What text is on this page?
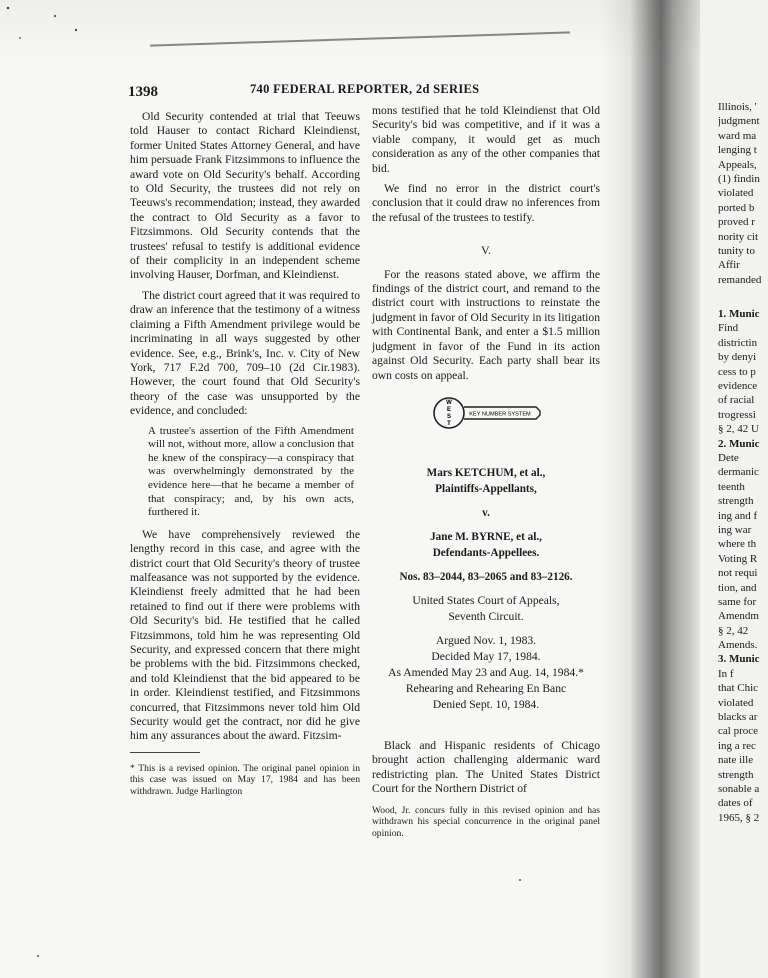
1398	740 FEDERAL REPORTER, 2d SERIES

Old Security contended at trial that Teeuws told Hauser to contact Richard Kleindienst, former United States Attorney General, and have him persuade Frank Fitzsimmons to influence the award vote on Old Security's behalf. According to Old Security, the trustees did not rely on Teeuws's recommendation; instead, they awarded the contract to Old Security as a favor to Fitzsimmons. Old Security contends that the trustees' refusal to testify is additional evidence of their complicity in an independent scheme involving Hauser, Dorfman, and Kleindienst.

The district court agreed that it was required to draw an inference that the testimony of a witness claiming a Fifth Amendment privilege would be incriminating in all ways suggested by other evidence. See, e.g., Brink's, Inc. v. City of New York, 717 F.2d 700, 709–10 (2d Cir.1983). However, the court found that Old Security's theory of the case was unsupported by the evidence, and concluded:

A trustee's assertion of the Fifth Amendment will not, without more, allow a conclusion that he knew of the conspiracy—a conspiracy that was overwhelmingly demonstrated by the evidence here—that he became a member of that conspiracy; and, by his own acts, furthered it.

We have comprehensively reviewed the lengthy record in this case, and agree with the district court that Old Security's theory of trustee malfeasance was not supported by the evidence. Kleindienst freely admitted that he had been retained to find out if there were problems with Old Security's bid. He testified that he called Fitzsimmons, told him he was representing Old Security, and expressed concern that there might be problems with the bid. Fitzsimmons checked, and told Kleindienst that the bid appeared to be in order. Kleindienst testified, and Fitzsimmons concurred, that Fitzsimmons never told him Old Security would get the contract, nor did he give him any assurances about the award. Fitzsim-

* This is a revised opinion. The original panel opinion in this case was issued on May 17, 1984 and has been withdrawn. Judge Harlington

mons testified that he told Kleindienst that Old Security's bid was competitive, and if it was a viable company, it would get as much consideration as any of the other companies that bid.

We find no error in the district court's conclusion that it could draw no inferences from the refusal of the trustees to testify.

V.

For the reasons stated above, we affirm the findings of the district court, and remand to the district court with instructions to reinstate the judgment in favor of Old Security in its litigation with Continental Bank, and enter a $1.5 million judgment in favor of the Fund in its action against Old Security. Each party shall bear its own costs on appeal.

W
E
S
T
KEY NUMBER SYSTEM
Mars KETCHUM, et al.,
Plaintiffs-Appellants,
v.
Jane M. BYRNE, et al.,
Defendants-Appellees.
Nos. 83–2044, 83–2065 and 83–2126.
United States Court of Appeals,
Seventh Circuit.
Argued Nov. 1, 1983.
Decided May 17, 1984.
As Amended May 23 and Aug. 14, 1984.*
Rehearing and Rehearing En Banc
Denied Sept. 10, 1984.

Black and Hispanic residents of Chicago brought action challenging aldermanic ward redistricting plan. The United States District Court for the Northern District of

Wood, Jr. concurs fully in this revised opinion and has withdrawn his special concurrence in the original panel opinion.
Illinois, '
judgment
ward ma
lenging t
Appeals,
(1) findin
violated
ported b
proved r
nority cit
tunity to
Affir
remanded
1. Munic
Find
districtin
by denyi
cess to p
evidence
of racial
trogressi
§ 2, 42 U
2. Munic
Dete
dermanic
teenth
strength
ing and f
ing war
where th
Voting R
not requi
tion, and
same for
Amendm
§ 2, 42
Amends.
3. Munic
In f
that Chic
violated
blacks ar
cal proce
ing a rec
nate ille
strength
sonable a
dates of
1965, § 2
